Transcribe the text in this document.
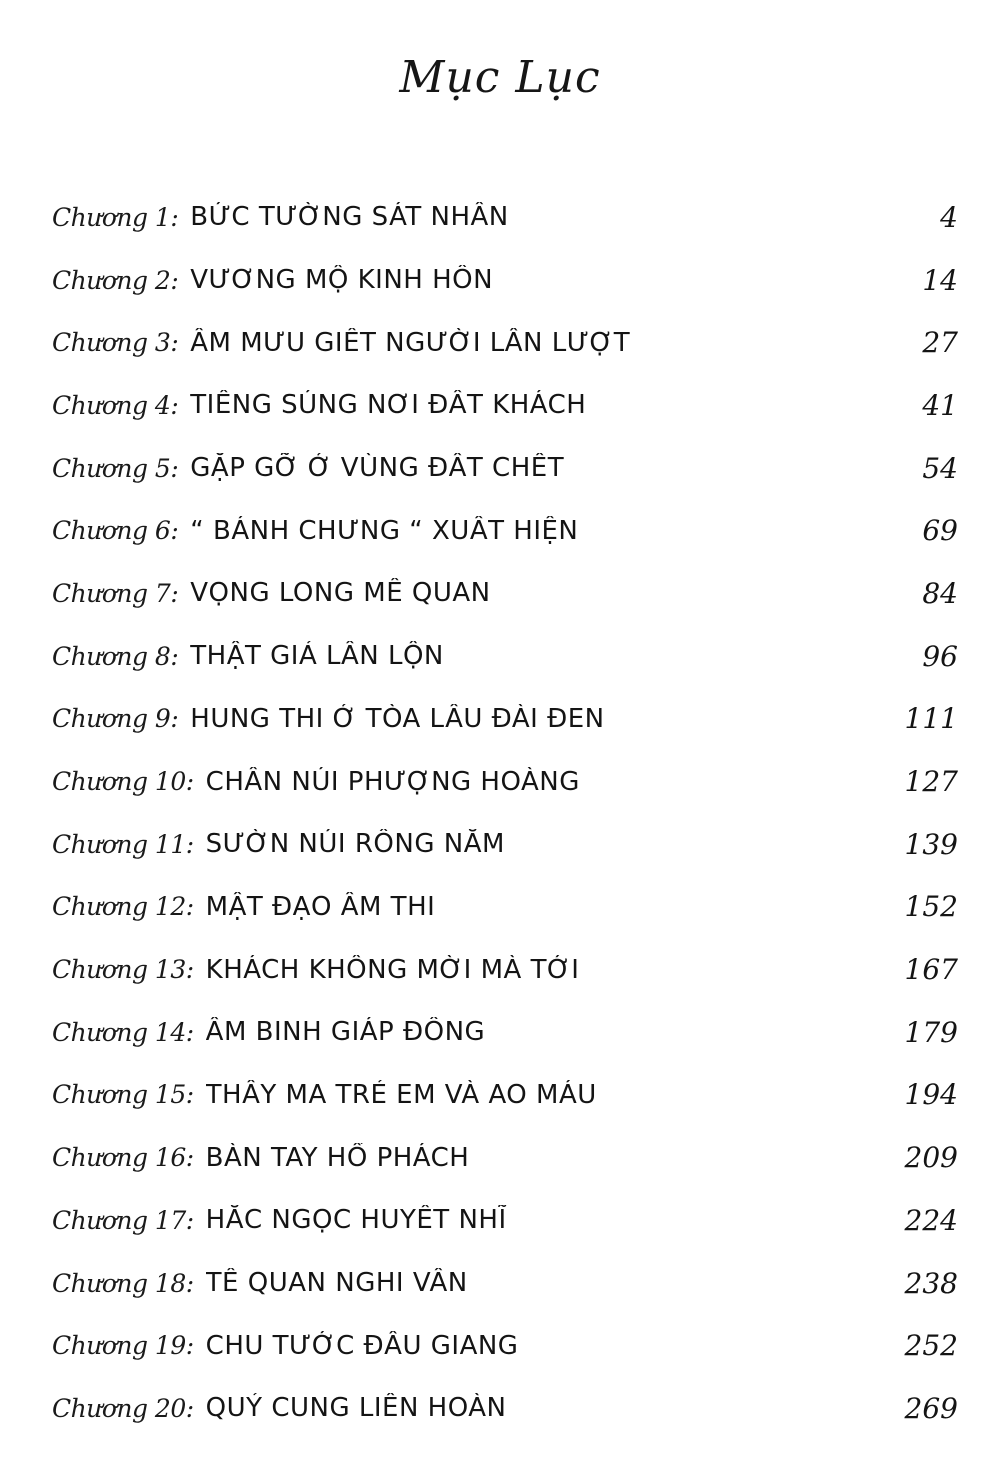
Mục Lục
Chương 1: BỨC TƯỜNG SÁT NHÂN	4
Chương 2: VƯƠNG MỘ KINH HỒN	14
Chương 3: ÂM MƯU GIẾT NGƯỜI LẦN LƯỢT	27
Chương 4: TIẾNG SÚNG NƠI ĐẤT KHÁCH	41
Chương 5: GẶP GỠ Ở VÙNG ĐẤT CHẾT	54
Chương 6: “ BÁNH CHƯNG “ XUẤT HIỆN	69
Chương 7: VỌNG LONG MÊ QUAN	84
Chương 8: THẬT GIẢ LẪN LỘN	96
Chương 9: HUNG THI Ở TÒA LÂU ĐÀI ĐEN	111
Chương 10: CHÂN NÚI PHƯỢNG HOÀNG	127
Chương 11: SƯỜN NÚI RỒNG NẰM	139
Chương 12: MẬT ĐẠO ÂM THI	152
Chương 13: KHÁCH KHÔNG MỜI MÀ TỚI	167
Chương 14: ÂM BINH GIÁP ĐỒNG	179
Chương 15: THẤY MA TRẺ EM VÀ AO MÁU	194
Chương 16: BÀN TAY HỔ PHÁCH	209
Chương 17: HẮC NGỌC HUYẾT NHĨ	224
Chương 18: TẾ QUAN NGHI VÂN	238
Chương 19: CHU TƯỚC ĐẦU GIANG	252
Chương 20: QUỶ CUNG LIÊN HOÀN	269
